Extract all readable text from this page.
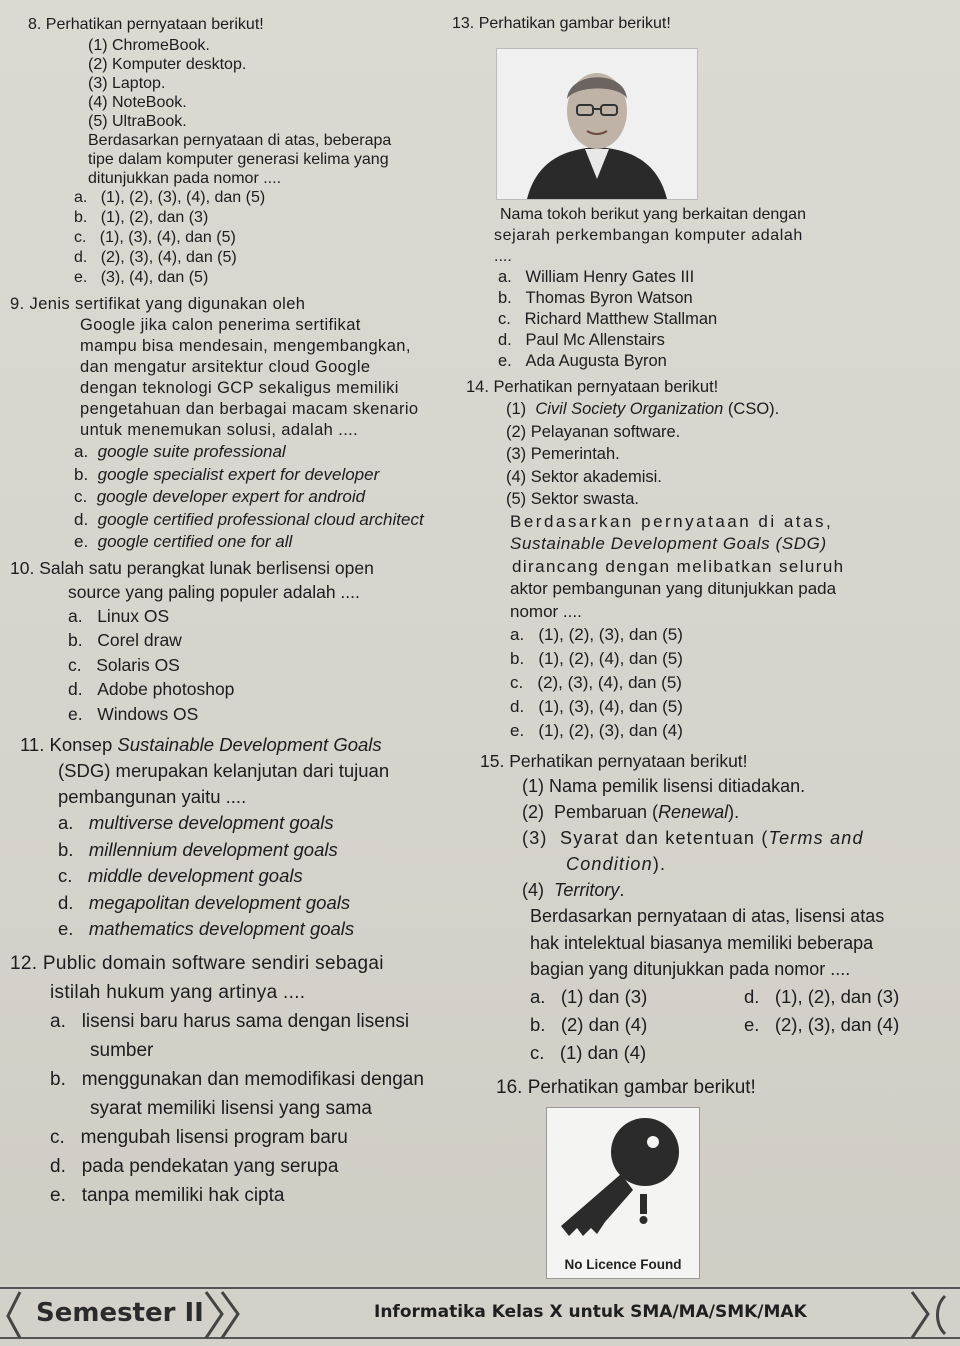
8. Perhatikan pernyataan berikut!

(1) ChromeBook.
(2) Komputer desktop.
(3) Laptop.
(4) NoteBook.
(5) UltraBook.
Berdasarkan pernyataan di atas, beberapa
tipe dalam komputer generasi kelima yang
ditunjukkan pada nomor ....
a. (1), (2), (3), (4), dan (5)
b. (1), (2), dan (3)
c. (1), (3), (4), dan (5)
d. (2), (3), (4), dan (5)
e. (3), (4), dan (5)
9. Jenis sertifikat yang digunakan oleh
Google jika calon penerima sertifikat
mampu bisa mendesain, mengembangkan,
dan mengatur arsitektur cloud Google
dengan teknologi GCP sekaligus memiliki
pengetahuan dan berbagai macam skenario
untuk menemukan solusi, adalah ....
a. google suite professional
b. google specialist expert for developer
c. google developer expert for android
d. google certified professional cloud architect
e. google certified one for all
10. Salah satu perangkat lunak berlisensi open
source yang paling populer adalah ....
a. Linux OS
b. Corel draw
c. Solaris OS
d. Adobe photoshop
e. Windows OS
11. Konsep Sustainable Development Goals
(SDG) merupakan kelanjutan dari tujuan
pembangunan yaitu ....
a. multiverse development goals
b. millennium development goals
c. middle development goals
d. megapolitan development goals
e. mathematics development goals
12. Public domain software sendiri sebagai
istilah hukum yang artinya ....
a. lisensi baru harus sama dengan lisensi sumber
b. menggunakan dan memodifikasi dengan syarat memiliki lisensi yang sama
c. mengubah lisensi program baru
d. pada pendekatan yang serupa
e. tanpa memiliki hak cipta
13. Perhatikan gambar berikut!
Nama tokoh berikut yang berkaitan dengan
sejarah perkembangan komputer adalah
....
a. William Henry Gates III
b. Thomas Byron Watson
c. Richard Matthew Stallman
d. Paul Mc Allenstairs
e. Ada Augusta Byron
14. Perhatikan pernyataan berikut!
(1)  Civil Society Organization (CSO).
(2) Pelayanan software.
(3) Pemerintah.
(4) Sektor akademisi.
(5) Sektor swasta.
Berdasarkan pernyataan di atas,
Sustainable Development Goals (SDG)
dirancang dengan melibatkan seluruh
aktor pembangunan yang ditunjukkan pada
nomor ....
a. (1), (2), (3), dan (5)
b. (1), (2), (4), dan (5)
c. (2), (3), (4), dan (5)
d. (1), (3), (4), dan (5)
e. (1), (2), (3), dan (4)
15. Perhatikan pernyataan berikut!
(1) Nama pemilik lisensi ditiadakan.
(2)  Pembaruan (Renewal).
(3)  Syarat dan ketentuan (Terms and Condition).
(4)  Territory.
Berdasarkan pernyataan di atas, lisensi atas
hak intelektual biasanya memiliki beberapa
bagian yang ditunjukkan pada nomor ....
a. (1) dan (3)	d. (1), (2), dan (3)
b. (2) dan (4)	e. (2), (3), dan (4)
c. (1) dan (4)
16. Perhatikan gambar berikut!
No Licence Found
Semester II	Informatika Kelas X untuk SMA/MA/SMK/MAK
